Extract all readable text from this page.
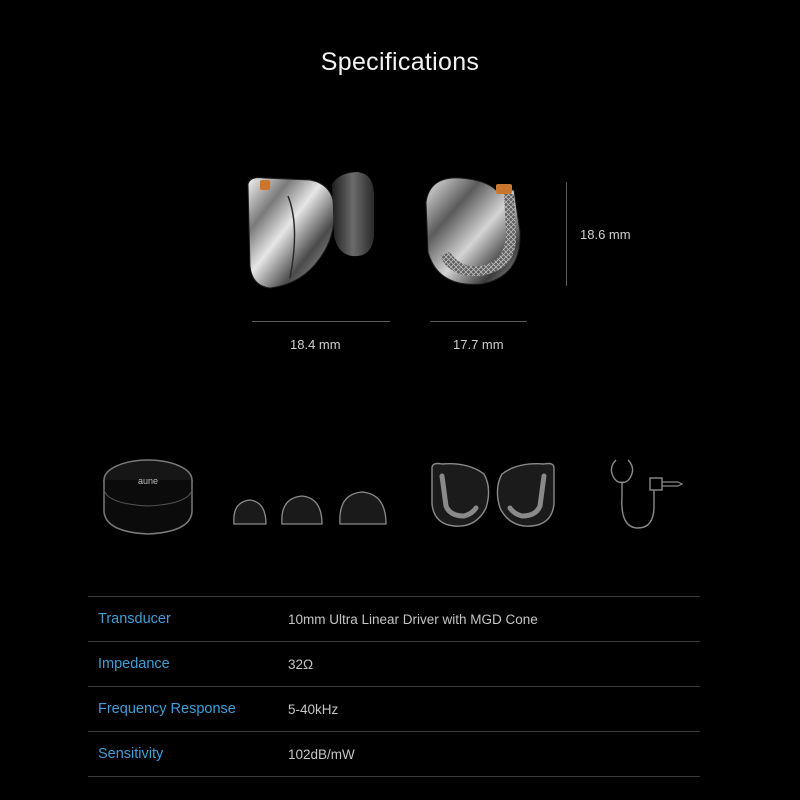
Specifications
18.6 mm
18.4 mm	17.7 mm
aune
Transducer	10mm Ultra Linear Driver with MGD Cone
Impedance	32Ω
Frequency Response	5-40kHz
Sensitivity	102dB/mW
